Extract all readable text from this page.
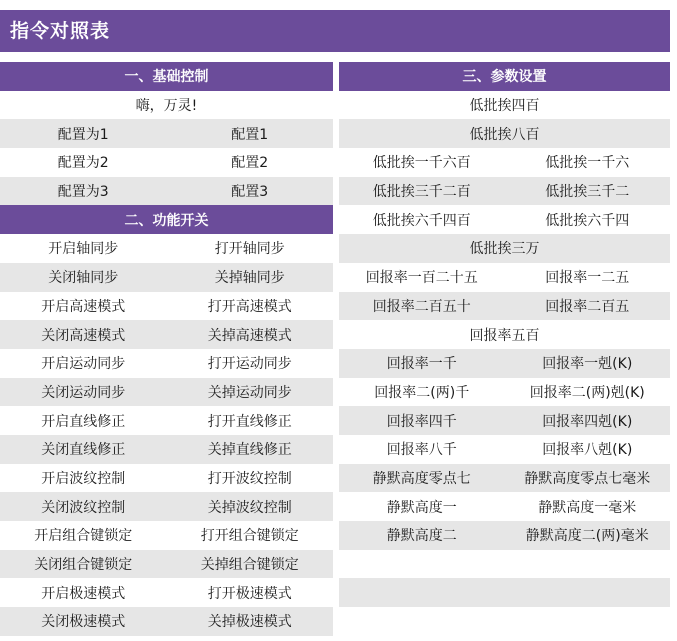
指令对照表
一、基础控制
嗨，万灵!
配置为1	配置1
配置为2	配置2
配置为3	配置3
二、功能开关
开启轴同步	打开轴同步
关闭轴同步	关掉轴同步
开启高速模式	打开高速模式
关闭高速模式	关掉高速模式
开启运动同步	打开运动同步
关闭运动同步	关掉运动同步
开启直线修正	打开直线修正
关闭直线修正	关掉直线修正
开启波纹控制	打开波纹控制
关闭波纹控制	关掉波纹控制
开启组合键锁定	打开组合键锁定
关闭组合键锁定	关掉组合键锁定
开启极速模式	打开极速模式
关闭极速模式	关掉极速模式
三、参数设置
低批挨四百
低批挨八百
低批挨一千六百	低批挨一千六
低批挨三千二百	低批挨三千二
低批挨六千四百	低批挨六千四
低批挨三万
回报率一百二十五	回报率一二五
回报率二百五十	回报率二百五
回报率五百
回报率一千	回报率一剋(K)
回报率二(两)千	回报率二(两)剋(K)
回报率四千	回报率四剋(K)
回报率八千	回报率八剋(K)
静默高度零点七	静默高度零点七毫米
静默高度一	静默高度一毫米
静默高度二	静默高度二(两)毫米
